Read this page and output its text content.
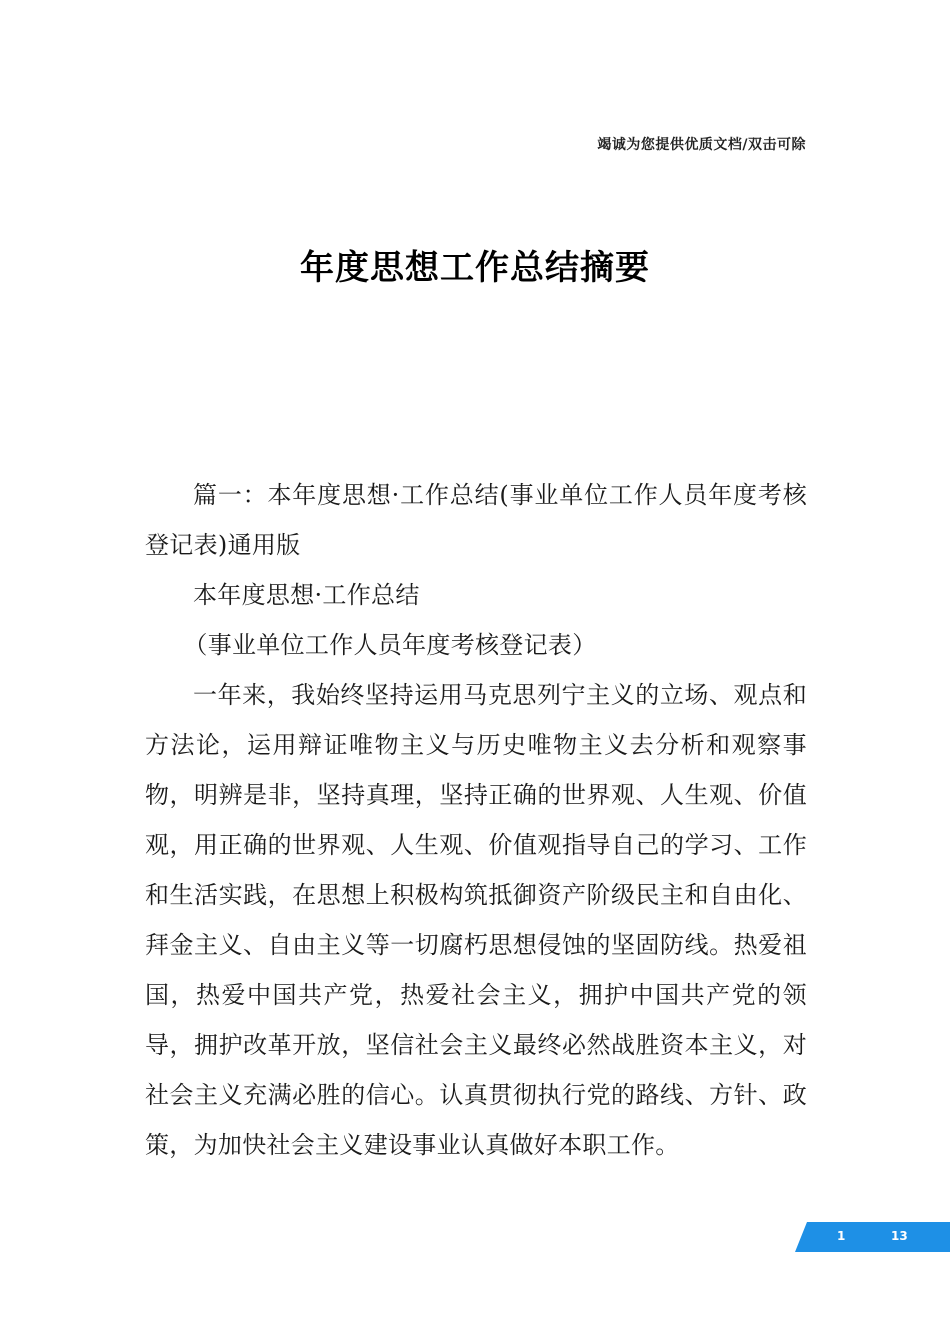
竭诚为您提供优质文档/双击可除
年度思想工作总结摘要

篇一：本年度思想·工作总结(事业单位工作人员年度考核登记表)通用版

本年度思想·工作总结

（事业单位工作人员年度考核登记表）

一年来，我始终坚持运用马克思列宁主义的立场、观点和方法论，运用辩证唯物主义与历史唯物主义去分析和观察事物，明辨是非，坚持真理，坚持正确的世界观、人生观、价值观，用正确的世界观、人生观、价值观指导自己的学习、工作和生活实践，在思想上积极构筑抵御资产阶级民主和自由化、拜金主义、自由主义等一切腐朽思想侵蚀的坚固防线。热爱祖国，热爱中国共产党，热爱社会主义，拥护中国共产党的领导，拥护改革开放，坚信社会主义最终必然战胜资本主义，对社会主义充满必胜的信心。认真贯彻执行党的路线、方针、政策，为加快社会主义建设事业认真做好本职工作。

1	13
